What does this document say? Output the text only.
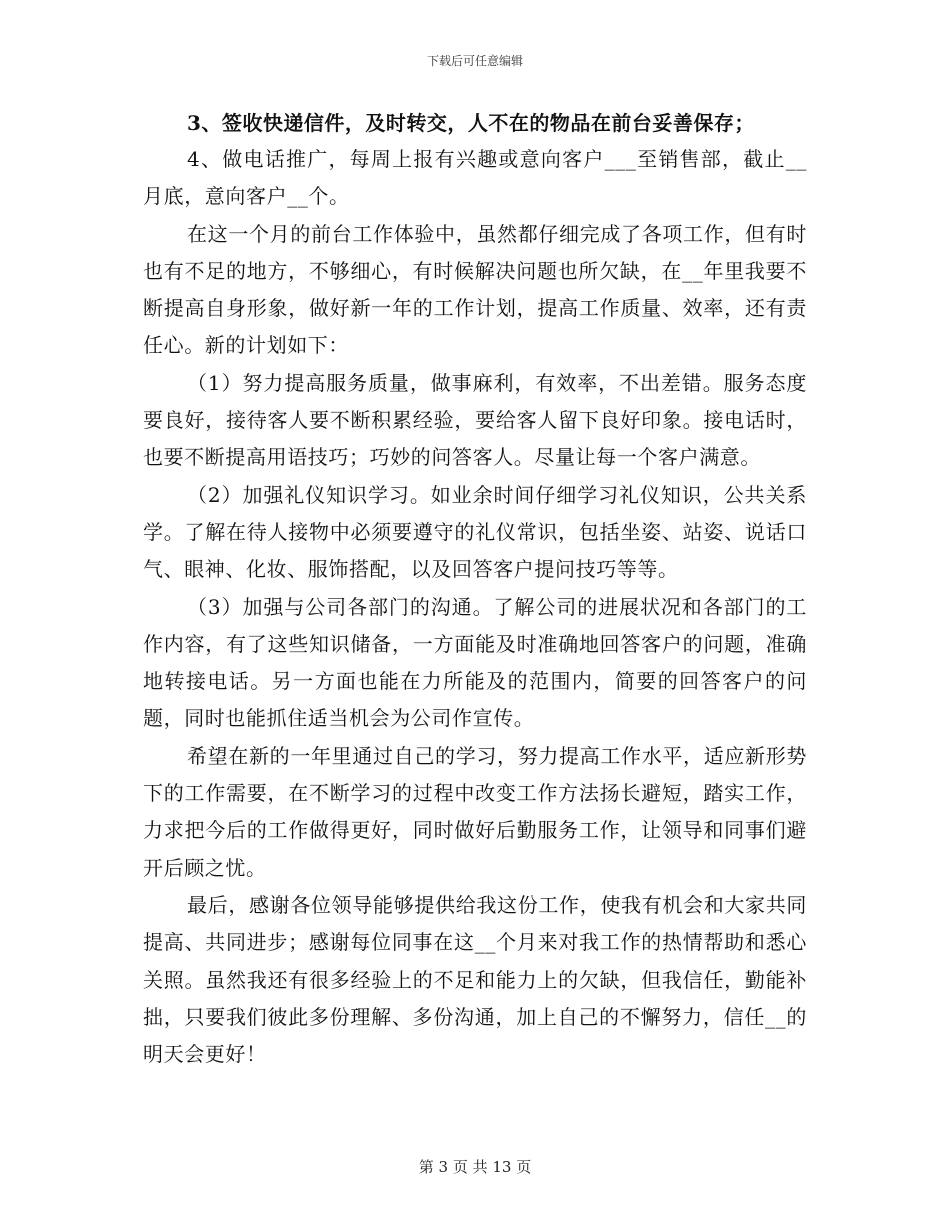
下载后可任意编辑

3、签收快递信件，及时转交，人不在的物品在前台妥善保存；

4、做电话推广，每周上报有兴趣或意向客户___至销售部，截止__月底，意向客户__个。

在这一个月的前台工作体验中，虽然都仔细完成了各项工作，但有时也有不足的地方，不够细心，有时候解决问题也所欠缺，在__年里我要不断提高自身形象，做好新一年的工作计划，提高工作质量、效率，还有责任心。新的计划如下：

（1）努力提高服务质量，做事麻利，有效率，不出差错。服务态度要良好，接待客人要不断积累经验，要给客人留下良好印象。接电话时，也要不断提高用语技巧；巧妙的问答客人。尽量让每一个客户满意。

（2）加强礼仪知识学习。如业余时间仔细学习礼仪知识，公共关系学。了解在待人接物中必须要遵守的礼仪常识，包括坐姿、站姿、说话口气、眼神、化妆、服饰搭配，以及回答客户提问技巧等等。

（3）加强与公司各部门的沟通。了解公司的进展状况和各部门的工作内容，有了这些知识储备，一方面能及时准确地回答客户的问题，准确地转接电话。另一方面也能在力所能及的范围内，简要的回答客户的问题，同时也能抓住适当机会为公司作宣传。

希望在新的一年里通过自己的学习，努力提高工作水平，适应新形势下的工作需要，在不断学习的过程中改变工作方法扬长避短，踏实工作，力求把今后的工作做得更好，同时做好后勤服务工作，让领导和同事们避开后顾之忧。

最后，感谢各位领导能够提供给我这份工作，使我有机会和大家共同提高、共同进步；感谢每位同事在这__个月来对我工作的热情帮助和悉心关照。虽然我还有很多经验上的不足和能力上的欠缺，但我信任，勤能补拙，只要我们彼此多份理解、多份沟通，加上自己的不懈努力，信任__的明天会更好！

第 3 页 共 13 页
